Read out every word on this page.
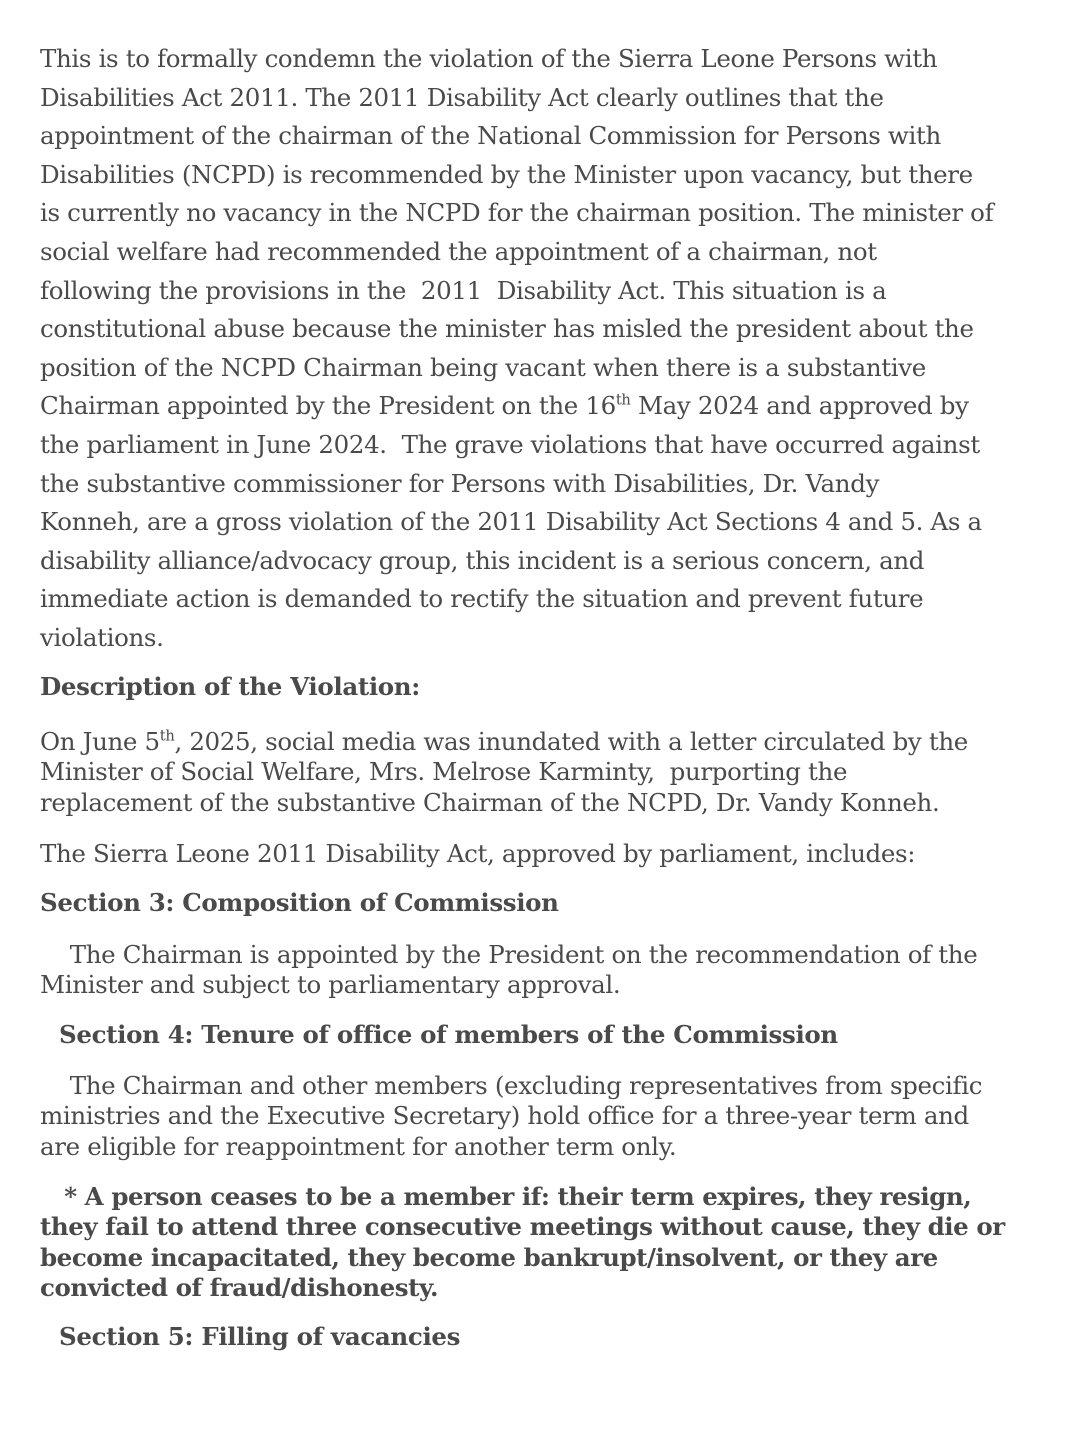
This is to formally condemn the violation of the Sierra Leone Persons with
Disabilities Act 2011. The 2011 Disability Act clearly outlines that the
appointment of the chairman of the National Commission for Persons with
Disabilities (NCPD) is recommended by the Minister upon vacancy, but there
is currently no vacancy in the NCPD for the chairman position. The minister of
social welfare had recommended the appointment of a chairman, not
following the provisions in the  2011  Disability Act. This situation is a
constitutional abuse because the minister has misled the president about the
position of the NCPD Chairman being vacant when there is a substantive
Chairman appointed by the President on the 16th May 2024 and approved by
the parliament in June 2024.  The grave violations that have occurred against
the substantive commissioner for Persons with Disabilities, Dr. Vandy
Konneh, are a gross violation of the 2011 Disability Act Sections 4 and 5. As a
disability alliance/advocacy group, this incident is a serious concern, and
immediate action is demanded to rectify the situation and prevent future
violations.

Description of the Violation:

On June 5th, 2025, social media was inundated with a letter circulated by the
Minister of Social Welfare, Mrs. Melrose Karminty,  purporting the
replacement of the substantive Chairman of the NCPD, Dr. Vandy Konneh.

The Sierra Leone 2011 Disability Act, approved by parliament, includes:

Section 3: Composition of Commission

The Chairman is appointed by the President on the recommendation of the
Minister and subject to parliamentary approval.

Section 4: Tenure of office of members of the Commission

The Chairman and other members (excluding representatives from specific
ministries and the Executive Secretary) hold office for a three-year term and
are eligible for reappointment for another term only.

* A person ceases to be a member if: their term expires, they resign,
they fail to attend three consecutive meetings without cause, they die or
become incapacitated, they become bankrupt/insolvent, or they are
convicted of fraud/dishonesty.

Section 5: Filling of vacancies
